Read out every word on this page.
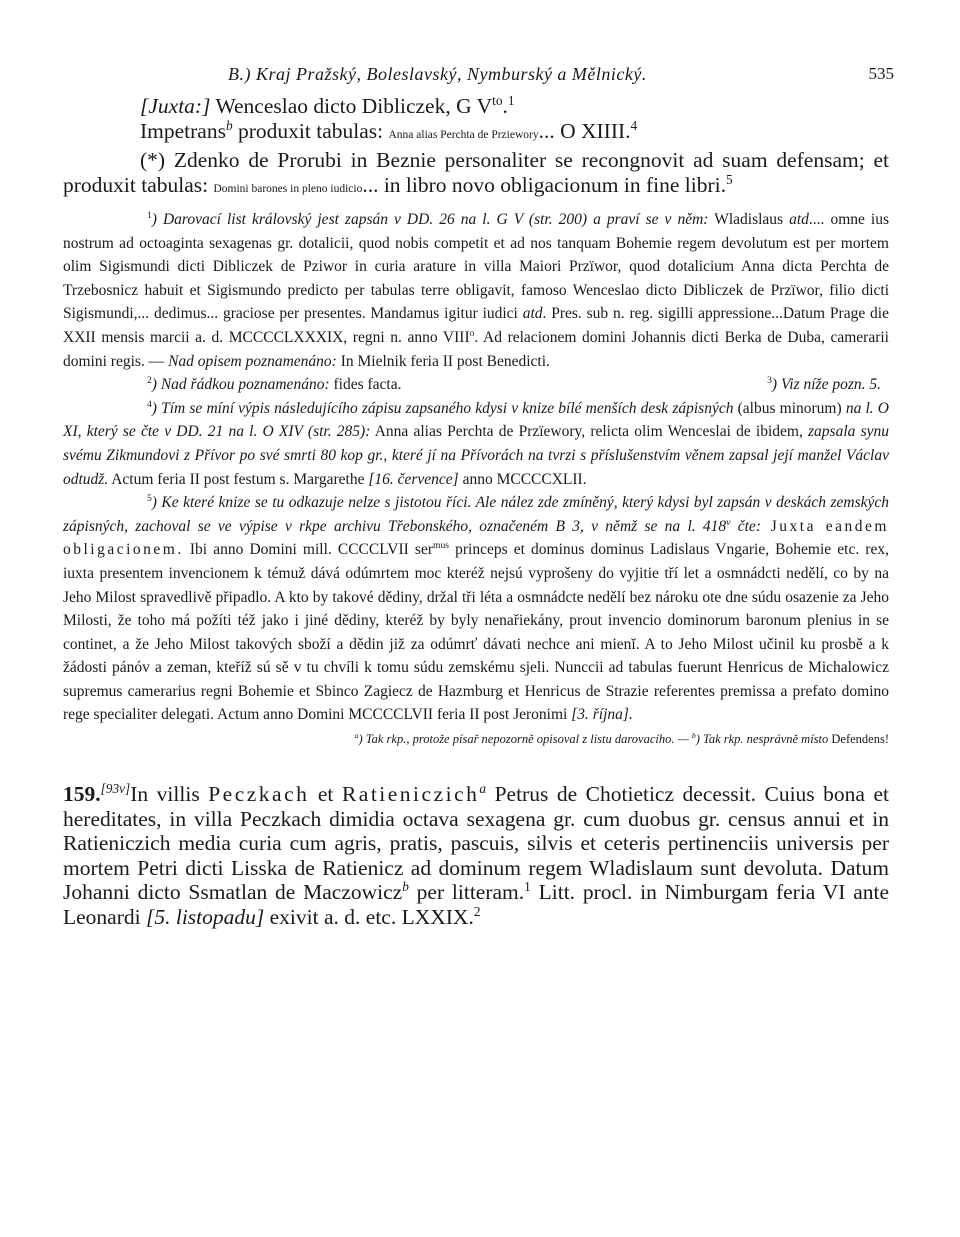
B.) Kraj Pražský, Boleslavský, Nymburský a Mělnický.	535

[Juxta:] Wenceslao dicto Dibliczek, G $V^{to}.^1$

Impetrans$^b$ produxit tabulas: Anna alias Perchta de Prziewory... O XIIII.$^4$

(*) Zdenko de Prorubi in Beznie personaliter se recongnovit ad suam defensam; et produxit tabulas: Domini barones in pleno iudicio... in libro novo obligacionum in fine libri.$^5$

$^1$) Darovací list královský jest zapsán v DD. 26 na l. G V (str. 200) a praví se v něm: Wladislaus atd.... omne ius nostrum ad octoaginta sexagenas gr. dotalicii, quod nobis competit et ad nos tanquam Bohemie regem devolutum est per mortem olim Sigismundi dicti Dibliczek de Pziwor in curia arature in villa Maiori Przïwor, quod dotalicium Anna dicta Perchta de Trzebosnicz habuit et Sigismundo predicto per tabulas terre obligavit, famoso Wenceslao dicto Dibliczek de Przïwor, filio dicti Sigismundi,... dedimus... graciose per presentes. Mandamus igitur iudici atd. Pres. sub n. reg. sigilli appressione...Datum Prage die XXII mensis marcii a. d. MCCCCLXXXIX, regni n. anno VIII$^o$. Ad relacionem domini Johannis dicti Berka de Duba, camerarii domini regis. — Nad opisem poznamenáno: In Mielnik feria II post Benedicti.

$^2$) Nad řádkou poznamenáno: fides facta.	$^3$) Viz níže pozn. 5.

$^4$) Tím se míní výpis následujícího zápisu zapsaného kdysi v knize bílé menších desk zápisných (albus minorum) na l. O XI, který se čte v DD. 21 na l. O XIV (str. 285): Anna alias Perchta de Przïewory, relicta olim Wenceslai de ibidem, zapsala synu svému Zikmundovi z Přívor po své smrti 80 kop gr., které jí na Přívorách na tvrzi s příslušenstvím věnem zapsal její manžel Václav odtudž. Actum feria II post festum s. Margarethe [16. července] anno MCCCCXLII.

$^5$) Ke které knize se tu odkazuje nelze s jistotou říci. Ale nález zde zmíněný, který kdysi byl zapsán v deskách zemských zápisných, zachoval se ve výpise v rkpe archivu Třebonského, označeném B 3, v němž se na l. 418$^v$ čte: Juxta eandem obligacionem. Ibi anno Domini mill. CCCCLVII ser$^{mus}$ princeps et dominus dominus Ladislaus Vngarie, Bohemie etc. rex, iuxta presentem invencionem k témuž dává odúmrtem moc kteréž nejsú vyprošeny do vyjitie tří let a osmnádcti nedělí, co by na Jeho Milost spravedlivě připadlo. A kto by takové dědiny, držal tři léta a osmnádcte nedělí bez nároku ote dne súdu osazenie za Jeho Milosti, že toho má požíti též jako i jiné dědiny, kteréž by byly nenařiekány, prout invencio dominorum baronum plenius in se continet, a že Jeho Milost takových sboží a dědin již za odúmrť dávati nechce ani mienĭ. A to Jeho Milost učinil ku prosbě a k žádosti pánóv a zeman, kteříž sú sě v tu chvíli k tomu súdu zemskému sjeli. Nunccii ad tabulas fuerunt Henricus de Michalowicz supremus camerarius regni Bohemie et Sbinco Zagiecz de Hazmburg et Henricus de Strazie referentes premissa a prefato domino rege specialiter delegati. Actum anno Domini MCCCCLVII feria II post Jeronimi [3. října].

$^a$) Tak rkp., protože písař nepozorně opisoval z listu darovacího. — $^b$) Tak rkp. nesprávně místo Defendens!

159.[93v]In villis Peczkach et Ratieniczich$^a$ Petrus de Chotieticz decessit. Cuius bona et hereditates, in villa Peczkach dimidia octava sexagena gr. cum duobus gr. census annui et in Ratieniczich media curia cum agris, pratis, pascuis, silvis et ceteris pertinenciis universis per mortem Petri dicti Lisska de Ratienicz ad dominum regem Wladislaum sunt devoluta. Datum Johanni dicto Ssmatlan de Maczowicz$^b$ per litteram.$^1$ Litt. procl. in Nimburgam feria VI ante Leonardi [5. listopadu] exivit a. d. etc. LXXIX.$^2$
